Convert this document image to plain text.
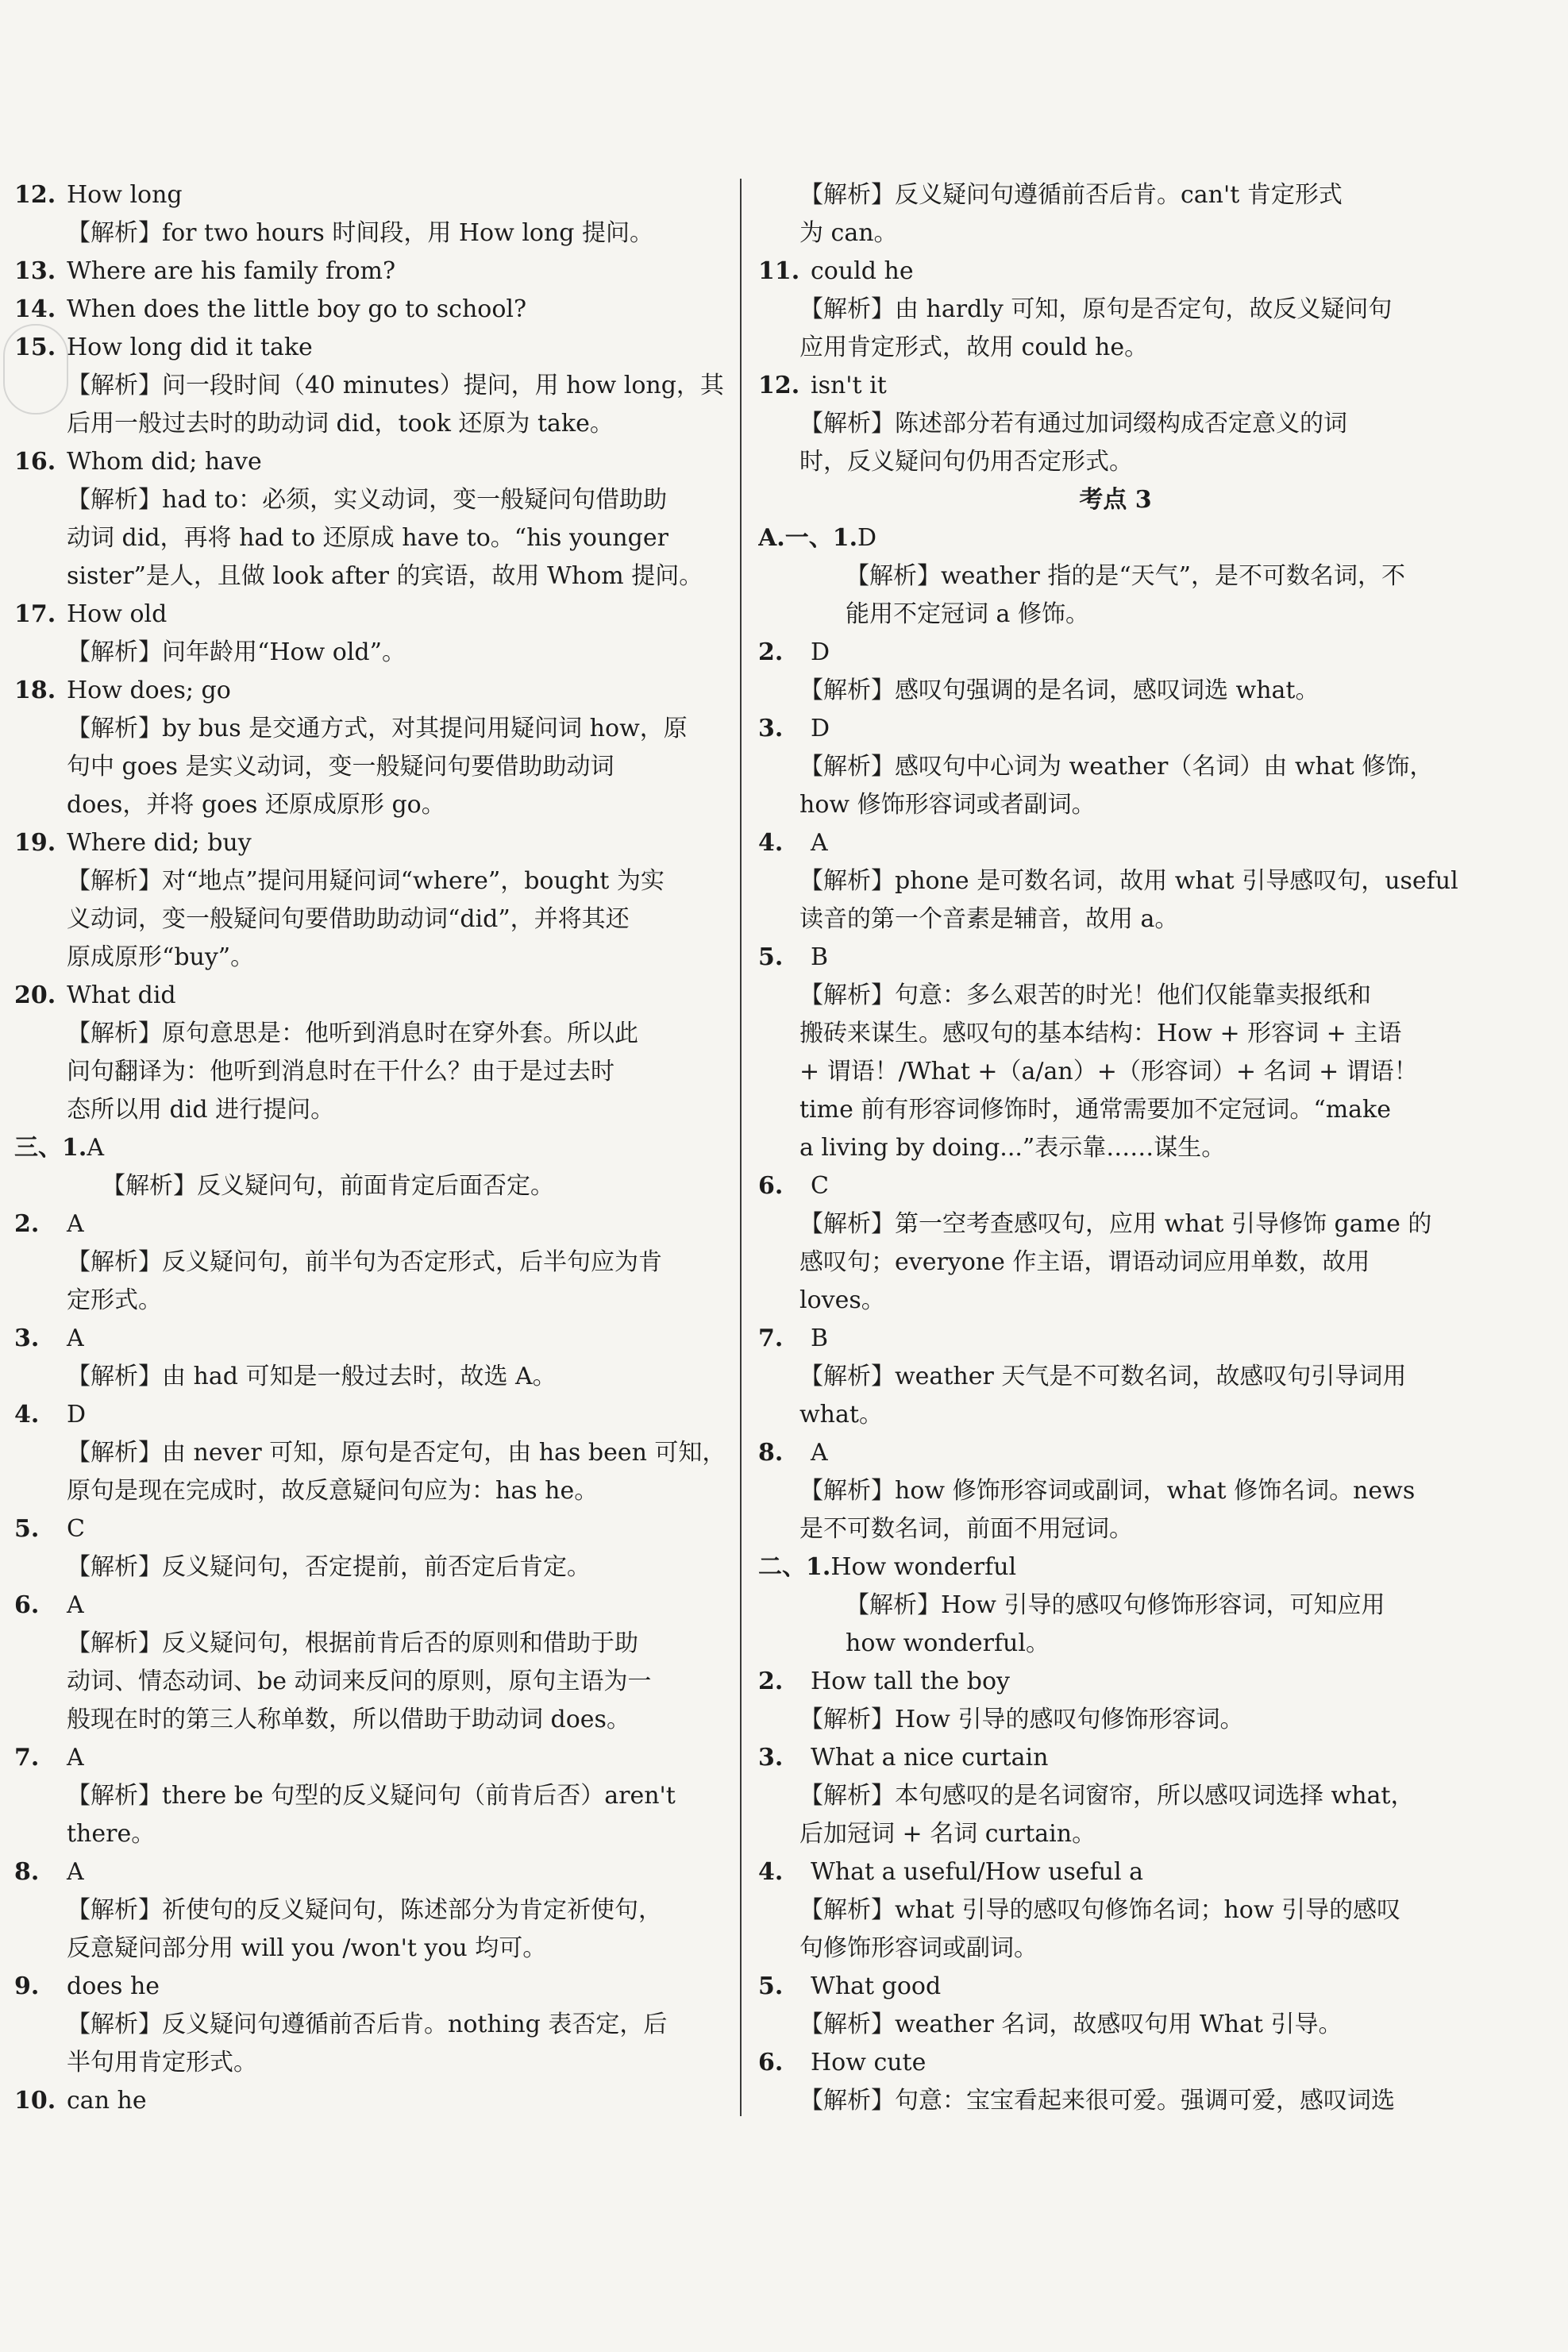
12. How long
【解析】for two hours 时间段，用 How long 提问。
13. Where are his family from?
14. When does the little boy go to school?
15. How long did it take
【解析】问一段时间（40 minutes）提问，用 how long，其
后用一般过去时的助动词 did，took 还原为 take。
16. Whom did; have
【解析】had to：必须，实义动词，变一般疑问句借助助
动词 did，再将 had to 还原成 have to。“his younger
sister”是人，且做 look after 的宾语，故用 Whom 提问。
17. How old
【解析】问年龄用“How old”。
18. How does; go
【解析】by bus 是交通方式，对其提问用疑问词 how，原
句中 goes 是实义动词，变一般疑问句要借助助动词
does，并将 goes 还原成原形 go。
19. Where did; buy
【解析】对“地点”提问用疑问词“where”，bought 为实
义动词，变一般疑问句要借助助动词“did”，并将其还
原成原形“buy”。
20. What did
【解析】原句意思是：他听到消息时在穿外套。所以此
问句翻译为：他听到消息时在干什么？由于是过去时
态所以用 did 进行提问。
三、1.A
【解析】反义疑问句，前面肯定后面否定。
2. A
【解析】反义疑问句，前半句为否定形式，后半句应为肯
定形式。
3. A
【解析】由 had 可知是一般过去时，故选 A。
4. D
【解析】由 never 可知，原句是否定句，由 has been 可知，
原句是现在完成时，故反意疑问句应为：has he。
5. C
【解析】反义疑问句，否定提前，前否定后肯定。
6. A
【解析】反义疑问句，根据前肯后否的原则和借助于助
动词、情态动词、be 动词来反问的原则，原句主语为一
般现在时的第三人称单数，所以借助于助动词 does。
7. A
【解析】there be 句型的反义疑问句（前肯后否）aren't
there。
8. A
【解析】祈使句的反义疑问句，陈述部分为肯定祈使句，
反意疑问部分用 will you /won't you 均可。
9. does he
【解析】反义疑问句遵循前否后肯。nothing 表否定，后
半句用肯定形式。
10. can he
【解析】反义疑问句遵循前否后肯。can't 肯定形式
为 can。
11. could he
【解析】由 hardly 可知，原句是否定句，故反义疑问句
应用肯定形式，故用 could he。
12. isn't it
【解析】陈述部分若有通过加词缀构成否定意义的词
时，反义疑问句仍用否定形式。
考点 3
A.一、1.D
【解析】weather 指的是“天气”，是不可数名词，不
能用不定冠词 a 修饰。
2. D
【解析】感叹句强调的是名词，感叹词选 what。
3. D
【解析】感叹句中心词为 weather（名词）由 what 修饰，
how 修饰形容词或者副词。
4. A
【解析】phone 是可数名词，故用 what 引导感叹句，useful
读音的第一个音素是辅音，故用 a。
5. B
【解析】句意：多么艰苦的时光！他们仅能靠卖报纸和
搬砖来谋生。感叹句的基本结构：How + 形容词 + 主语
+ 谓语！/What +（a/an）+（形容词）+ 名词 + 谓语！
time 前有形容词修饰时，通常需要加不定冠词。“make
a living by doing...”表示靠……谋生。
6. C
【解析】第一空考查感叹句，应用 what 引导修饰 game 的
感叹句；everyone 作主语，谓语动词应用单数，故用
loves。
7. B
【解析】weather 天气是不可数名词，故感叹句引导词用
what。
8. A
【解析】how 修饰形容词或副词，what 修饰名词。news
是不可数名词，前面不用冠词。
二、1.How wonderful
【解析】How 引导的感叹句修饰形容词，可知应用
how wonderful。
2. How tall the boy
【解析】How 引导的感叹句修饰形容词。
3. What a nice curtain
【解析】本句感叹的是名词窗帘，所以感叹词选择 what，
后加冠词 + 名词 curtain。
4. What a useful/How useful a
【解析】what 引导的感叹句修饰名词；how 引导的感叹
句修饰形容词或副词。
5. What good
【解析】weather 名词，故感叹句用 What 引导。
6. How cute
【解析】句意：宝宝看起来很可爱。强调可爱，感叹词选
